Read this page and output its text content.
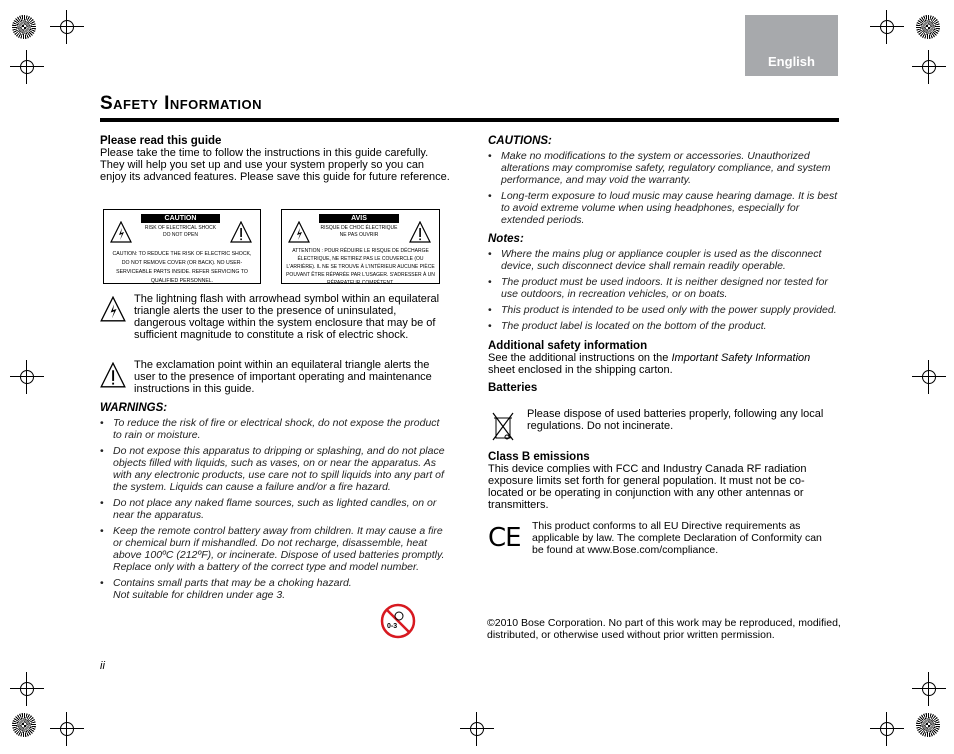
English
Safety Information
Please read this guide

Please take the time to follow the instructions in this guide carefully. They will help you set up and use your system properly so you can enjoy its advanced features. Please save this guide for future reference.

CAUTION
RISK OF ELECTRICAL SHOCK
DO NOT OPEN
CAUTION: TO REDUCE THE RISK OF ELECTRIC SHOCK, DO NOT REMOVE COVER (OR BACK). NO USER-SERVICEABLE PARTS INSIDE. REFER SERVICING TO QUALIFIED PERSONNEL.
AVIS
RISQUE DE CHOC ÉLECTRIQUE
NE PAS OUVRIR
ATTENTION : POUR RÉDUIRE LE RISQUE DE DÉCHARGE ÉLECTRIQUE, NE RETIREZ PAS LE COUVERCLE (OU L'ARRIÈRE). IL NE SE TROUVE À L'INTÉRIEUR AUCUNE PIÈCE POUVANT ÊTRE RÉPARÉE PAR L'USAGER. S'ADRESSER À UN RÉPARATEUR COMPÉTENT.
The lightning flash with arrowhead symbol within an equilateral triangle alerts the user to the presence of uninsulated, dangerous voltage within the system enclosure that may be of sufficient magnitude to constitute a risk of electric shock.
The exclamation point within an equilateral triangle alerts the user to the presence of important operating and maintenance instructions in this guide.
WARNINGS:
• To reduce the risk of fire or electrical shock, do not expose the product to rain or moisture.
• Do not expose this apparatus to dripping or splashing, and do not place objects filled with liquids, such as vases, on or near the apparatus. As with any electronic products, use care not to spill liquids into any part of the system. Liquids can cause a failure and/or a fire hazard.
• Do not place any naked flame sources, such as lighted candles, on or near the apparatus.
• Keep the remote control battery away from children. It may cause a fire or chemical burn if mishandled. Do not recharge, disassemble, heat above 100ºC (212ºF), or incinerate. Dispose of used batteries promptly. Replace only with a battery of the correct type and model number.
• Contains small parts that may be a choking hazard. Not suitable for children under age 3.
0-3
ii
CAUTIONS:
• Make no modifications to the system or accessories. Unauthorized alterations may compromise safety, regulatory compliance, and system performance, and may void the warranty.
• Long-term exposure to loud music may cause hearing damage. It is best to avoid extreme volume when using headphones, especially for extended periods.
Notes:
• Where the mains plug or appliance coupler is used as the disconnect device, such disconnect device shall remain readily operable.
• The product must be used indoors. It is neither designed nor tested for use outdoors, in recreation vehicles, or on boats.
• This product is intended to be used only with the power supply provided.
• The product label is located on the bottom of the product.
Additional safety information

See the additional instructions on the Important Safety Information sheet enclosed in the shipping carton.

Batteries
Please dispose of used batteries properly, following any local regulations. Do not incinerate.
Class B emissions

This device complies with FCC and Industry Canada RF radiation exposure limits set forth for general population. It must not be co-located or be operating in conjunction with any other antennas or transmitters.

CE This product conforms to all EU Directive requirements as applicable by law. The complete Declaration of Conformity can be found at www.Bose.com/compliance.
©2010 Bose Corporation. No part of this work may be reproduced, modified, distributed, or otherwise used without prior written permission.
